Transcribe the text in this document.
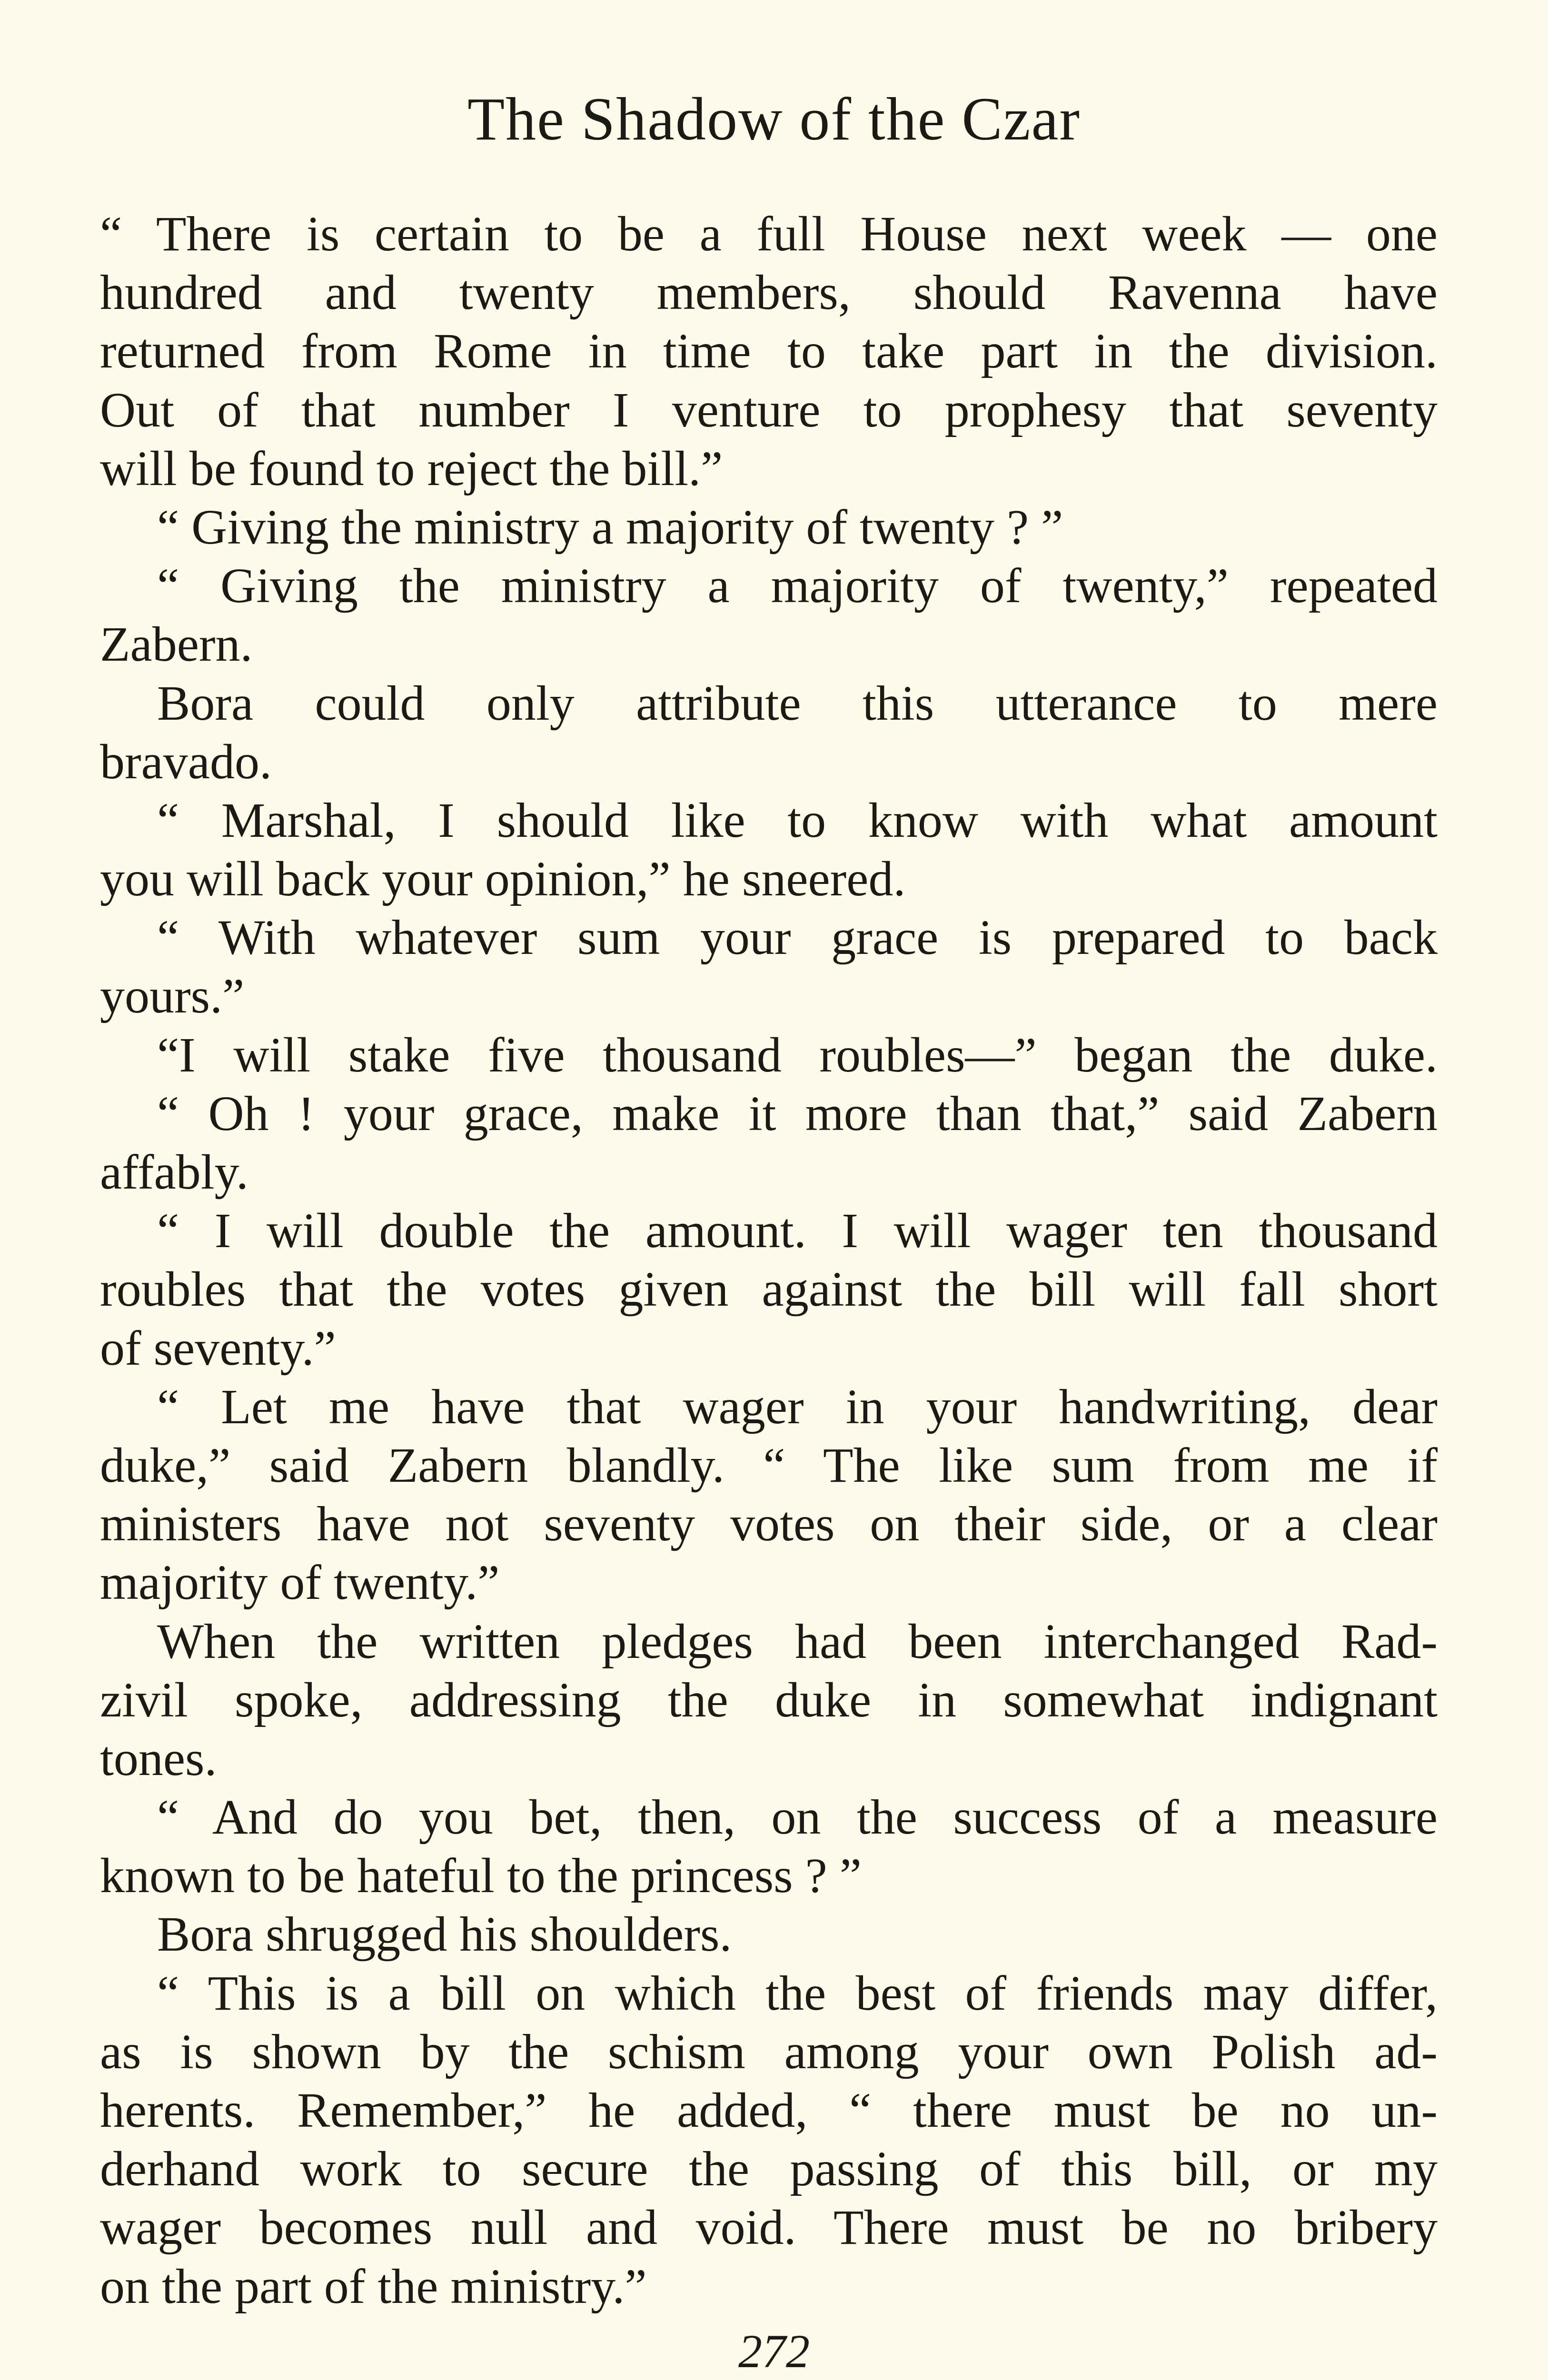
The Shadow of the Czar
“ There is certain to be a full House next week — one
hundred and twenty members, should Ravenna have
returned from Rome in time to take part in the division.
Out of that number I venture to prophesy that seventy
will be found to reject the bill.”
“ Giving the ministry a majority of twenty ? ”
“ Giving the ministry a majority of twenty,” repeated
Zabern.
Bora could only attribute this utterance to mere
bravado.
“ Marshal, I should like to know with what amount
you will back your opinion,” he sneered.
“ With whatever sum your grace is prepared to back
yours.”
“I will stake five thousand roubles—” began the duke.
“ Oh ! your grace, make it more than that,” said Zabern
affably.
“ I will double the amount. I will wager ten thousand
roubles that the votes given against the bill will fall short
of seventy.”
“ Let me have that wager in your handwriting, dear
duke,” said Zabern blandly. “ The like sum from me if
ministers have not seventy votes on their side, or a clear
majority of twenty.”
When the written pledges had been interchanged Rad-
zivil spoke, addressing the duke in somewhat indignant
tones.
“ And do you bet, then, on the success of a measure
known to be hateful to the princess ? ”
Bora shrugged his shoulders.
“ This is a bill on which the best of friends may differ,
as is shown by the schism among your own Polish ad-
herents. Remember,” he added, “ there must be no un-
derhand work to secure the passing of this bill, or my
wager becomes null and void. There must be no bribery
on the part of the ministry.”
272
